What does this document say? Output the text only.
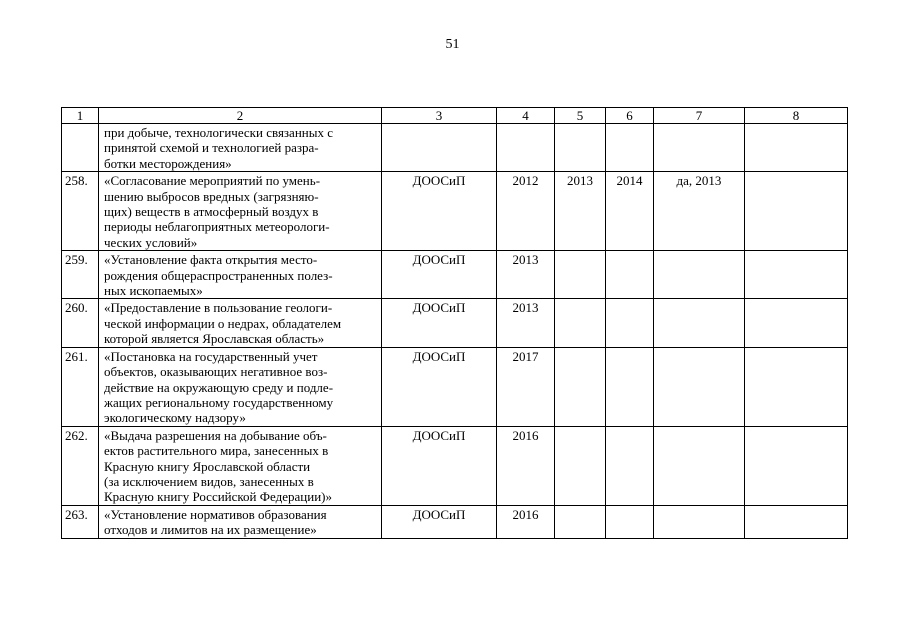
51
1	2	3	4	5	6	7	8
	при добыче, технологически связанных с
принятой схемой и технологией разра-
ботки месторождения»						
258.	«Согласование мероприятий по умень-
шению выбросов вредных (загрязняю-
щих) веществ в атмосферный воздух в
периоды неблагоприятных метеорологи-
ческих условий»	ДООСиП	2012	2013	2014	да, 2013	
259.	«Установление факта открытия место-
рождения общераспространенных полез-
ных ископаемых»	ДООСиП	2013				
260.	«Предоставление в пользование геологи-
ческой информации о недрах, обладателем
которой является Ярославская область»	ДООСиП	2013				
261.	«Постановка на государственный учет
объектов, оказывающих негативное воз-
действие на окружающую среду и подле-
жащих региональному государственному
экологическому надзору»	ДООСиП	2017				
262.	«Выдача разрешения на добывание объ-
ектов растительного мира, занесенных в
Красную книгу Ярославской области
(за исключением видов, занесенных в
Красную книгу Российской Федерации)»	ДООСиП	2016				
263.	«Установление нормативов образования
отходов и лимитов на их размещение»	ДООСиП	2016				
